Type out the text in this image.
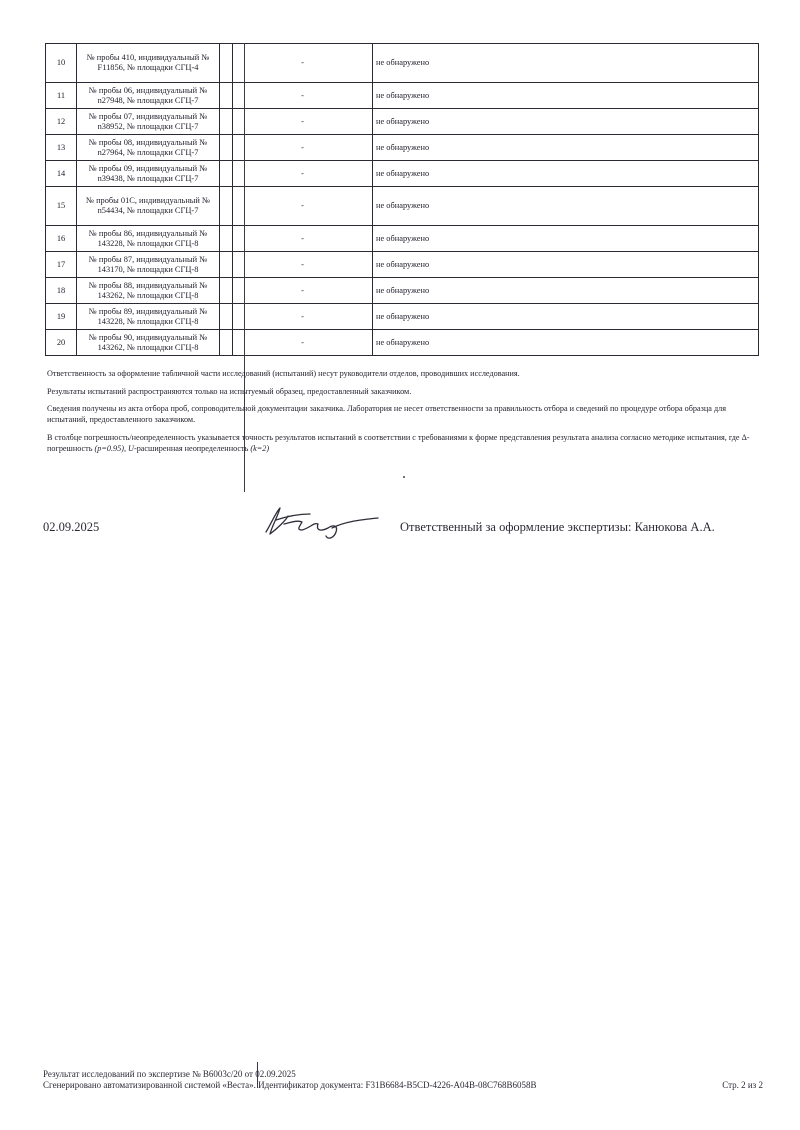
10	№ пробы 410, индивидуальный № F11856, № площадки СГЦ-4		-	не обнаружено
11	№ пробы 06, индивидуальный № n27948, № площадки СГЦ-7		-	не обнаружено
12	№ пробы 07, индивидуальный № n38952, № площадки СГЦ-7		-	не обнаружено
13	№ пробы 08, индивидуальный № n27964, № площадки СГЦ-7		-	не обнаружено
14	№ пробы 09, индивидуальный № n39438, № площадки СГЦ-7		-	не обнаружено
15	№ пробы 01С, индивидуальный № n54434, № площадки СГЦ-7		-	не обнаружено
16	№ пробы 86, индивидуальный № 143228, № площадки СГЦ-8		-	не обнаружено
17	№ пробы 87, индивидуальный № 143170, № площадки СГЦ-8		-	не обнаружено
18	№ пробы 88, индивидуальный № 143262, № площадки СГЦ-8		-	не обнаружено
19	№ пробы 89, индивидуальный № 143228, № площадки СГЦ-8		-	не обнаружено
20	№ пробы 90, индивидуальный № 143262, № площадки СГЦ-8		-	не обнаружено

Ответственность за оформление табличной части исследований (испытаний) несут руководители отделов, проводивших исследования.

Результаты испытаний распространяются только на испытуемый образец, предоставленный заказчиком.

Сведения получены из акта отбора проб, сопроводительной документации заказчика. Лаборатория не несет ответственности за правильность отбора и сведений по процедуре отбора образца для испытаний, предоставленного заказчиком.

В столбце погрешность/неопределенность указывается точность результатов испытаний в соответствии с требованиями к форме представления результата анализа согласно методике испытания, где Δ-погрешность (p=0.95), U-расширенная неопределенность (k=2)

02.09.2025	Ответственный за оформление экспертизы: Канюкова А.А.
Результат исследований по экспертизе № В6003с/20 от 02.09.2025
Сгенерировано автоматизированной системой «Веста». Идентификатор документа: F31B6684-B5CD-4226-A04B-08C768B6058B	Стр. 2 из 2
